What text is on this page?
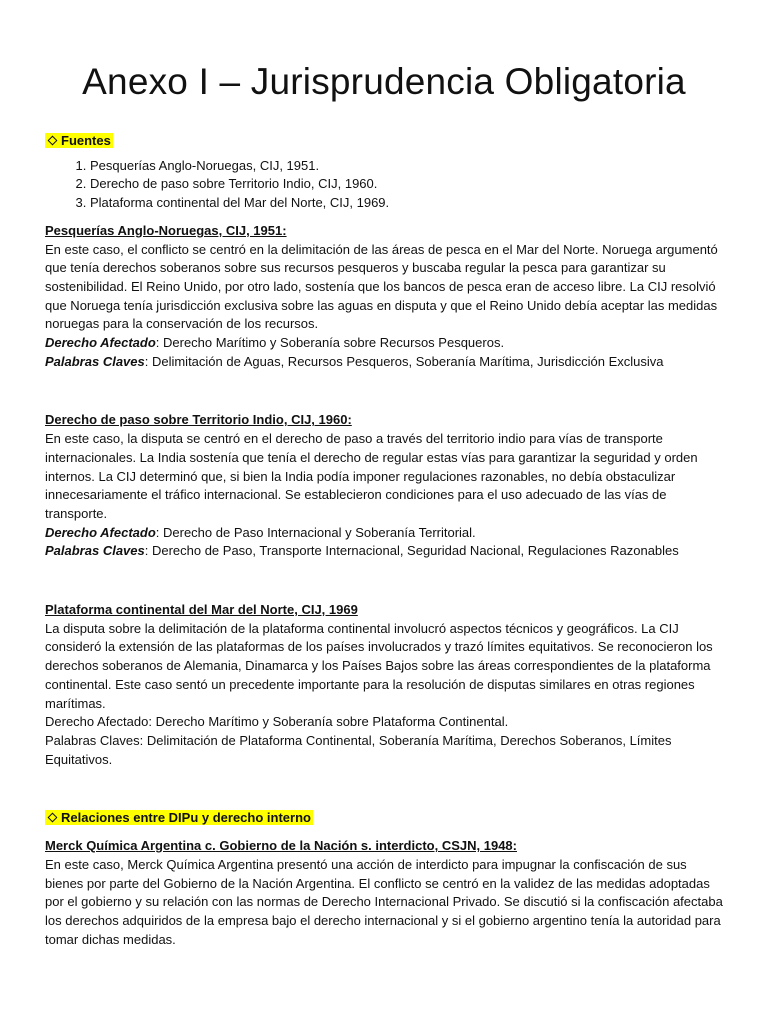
Anexo I – Jurisprudencia Obligatoria
Fuentes
1. Pesquerías Anglo-Noruegas, CIJ, 1951.
2. Derecho de paso sobre Territorio Indio, CIJ, 1960.
3. Plataforma continental del Mar del Norte, CIJ, 1969.
Pesquerías Anglo-Noruegas, CIJ, 1951:

En este caso, el conflicto se centró en la delimitación de las áreas de pesca en el Mar del Norte. Noruega argumentó que tenía derechos soberanos sobre sus recursos pesqueros y buscaba regular la pesca para garantizar su sostenibilidad. El Reino Unido, por otro lado, sostenía que los bancos de pesca eran de acceso libre. La CIJ resolvió que Noruega tenía jurisdicción exclusiva sobre las aguas en disputa y que el Reino Unido debía aceptar las medidas noruegas para la conservación de los recursos.

Derecho Afectado: Derecho Marítimo y Soberanía sobre Recursos Pesqueros.

Palabras Claves: Delimitación de Aguas, Recursos Pesqueros, Soberanía Marítima, Jurisdicción Exclusiva

Derecho de paso sobre Territorio Indio, CIJ, 1960:

En este caso, la disputa se centró en el derecho de paso a través del territorio indio para vías de transporte internacionales. La India sostenía que tenía el derecho de regular estas vías para garantizar la seguridad y orden internos. La CIJ determinó que, si bien la India podía imponer regulaciones razonables, no debía obstaculizar innecesariamente el tráfico internacional. Se establecieron condiciones para el uso adecuado de las vías de transporte.

Derecho Afectado: Derecho de Paso Internacional y Soberanía Territorial.

Palabras Claves: Derecho de Paso, Transporte Internacional, Seguridad Nacional, Regulaciones Razonables

Plataforma continental del Mar del Norte, CIJ, 1969

La disputa sobre la delimitación de la plataforma continental involucró aspectos técnicos y geográficos. La CIJ consideró la extensión de las plataformas de los países involucrados y trazó límites equitativos. Se reconocieron los derechos soberanos de Alemania, Dinamarca y los Países Bajos sobre las áreas correspondientes de la plataforma continental. Este caso sentó un precedente importante para la resolución de disputas similares en otras regiones marítimas.

Derecho Afectado: Derecho Marítimo y Soberanía sobre Plataforma Continental.

Palabras Claves: Delimitación de Plataforma Continental, Soberanía Marítima, Derechos Soberanos, Límites Equitativos.

Relaciones entre DIPu y derecho interno
Merck Química Argentina c. Gobierno de la Nación s. interdicto, CSJN, 1948:

En este caso, Merck Química Argentina presentó una acción de interdicto para impugnar la confiscación de sus bienes por parte del Gobierno de la Nación Argentina. El conflicto se centró en la validez de las medidas adoptadas por el gobierno y su relación con las normas de Derecho Internacional Privado. Se discutió si la confiscación afectaba los derechos adquiridos de la empresa bajo el derecho internacional y si el gobierno argentino tenía la autoridad para tomar dichas medidas.
